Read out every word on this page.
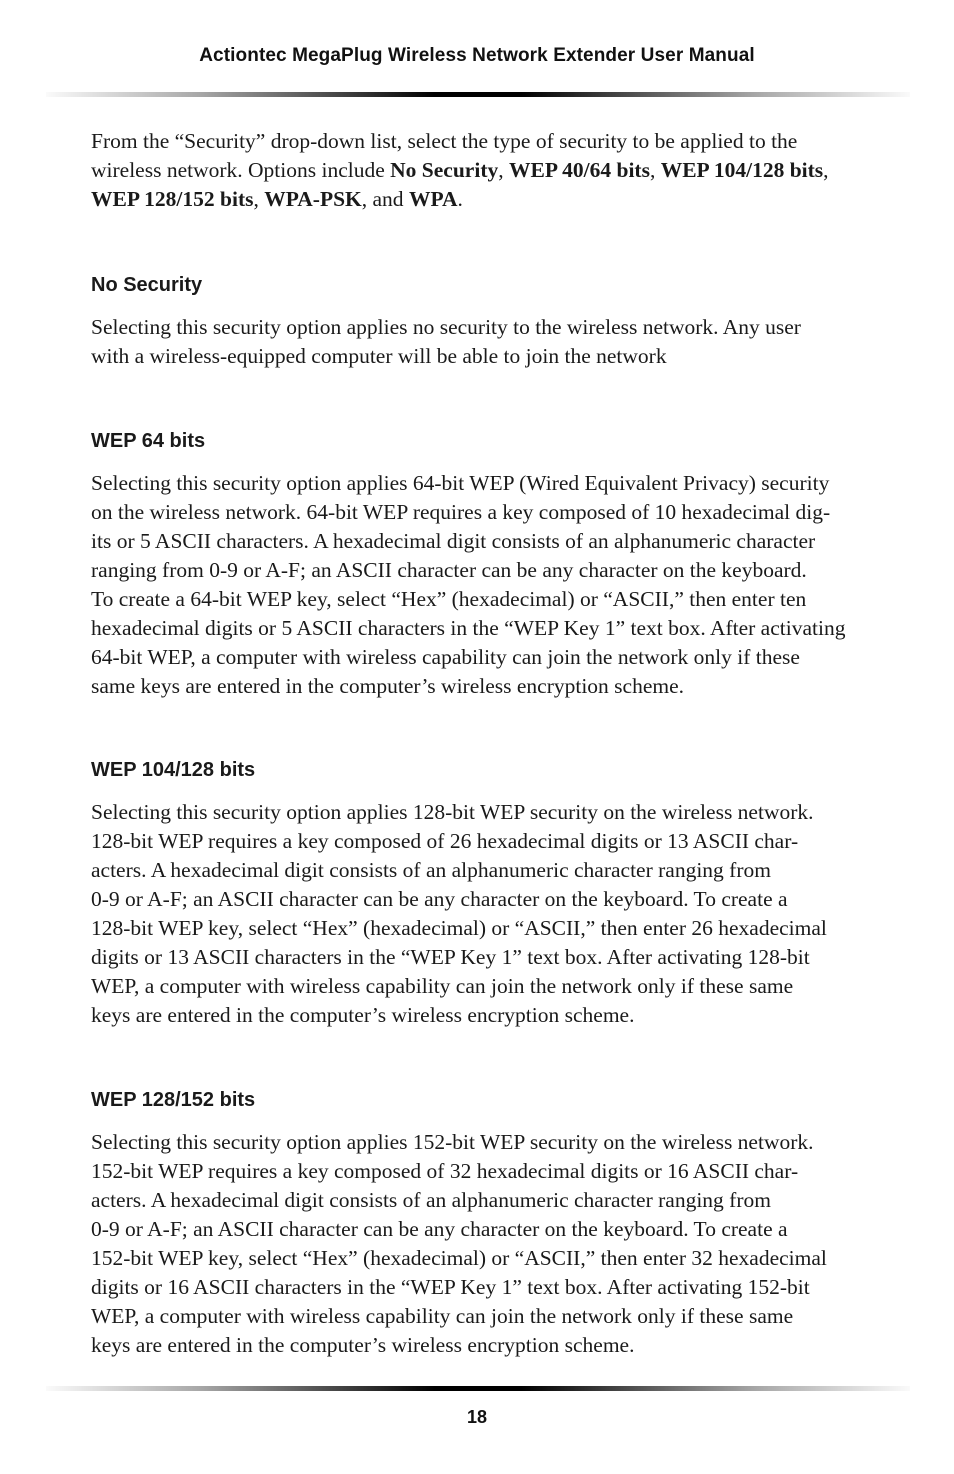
Actiontec MegaPlug Wireless Network Extender User Manual

From the “Security” drop-down list, select the type of security to be applied to the wireless network. Options include No Security, WEP 40/64 bits, WEP 104/128 bits, WEP 128/152 bits, WPA-PSK, and WPA.

No Security
Selecting this security option applies no security to the wireless network. Any user
with a wireless-equipped computer will be able to join the network
WEP 64 bits
Selecting this security option applies 64-bit WEP (Wired Equivalent Privacy) security
on the wireless network. 64-bit WEP requires a key composed of 10 hexadecimal dig-
its or 5 ASCII characters. A hexadecimal digit consists of an alphanumeric character
ranging from 0-9 or A-F; an ASCII character can be any character on the keyboard.
To create a 64-bit WEP key, select “Hex” (hexadecimal) or “ASCII,” then enter ten
hexadecimal digits or 5 ASCII characters in the “WEP Key 1” text box. After activating
64-bit WEP, a computer with wireless capability can join the network only if these
same keys are entered in the computer’s wireless encryption scheme.
WEP 104/128 bits
Selecting this security option applies 128-bit WEP security on the wireless network.
128-bit WEP requires a key composed of 26 hexadecimal digits or 13 ASCII char-
acters. A hexadecimal digit consists of an alphanumeric character ranging from
0-9 or A-F; an ASCII character can be any character on the keyboard. To create a
128-bit WEP key, select “Hex” (hexadecimal) or “ASCII,” then enter 26 hexadecimal
digits or 13 ASCII characters in the “WEP Key 1” text box. After activating 128-bit
WEP, a computer with wireless capability can join the network only if these same
keys are entered in the computer’s wireless encryption scheme.
WEP 128/152 bits
Selecting this security option applies 152-bit WEP security on the wireless network.
152-bit WEP requires a key composed of 32 hexadecimal digits or 16 ASCII char-
acters. A hexadecimal digit consists of an alphanumeric character ranging from
0-9 or A-F; an ASCII character can be any character on the keyboard. To create a
152-bit WEP key, select “Hex” (hexadecimal) or “ASCII,” then enter 32 hexadecimal
digits or 16 ASCII characters in the “WEP Key 1” text box. After activating 152-bit
WEP, a computer with wireless capability can join the network only if these same
keys are entered in the computer’s wireless encryption scheme.
18
